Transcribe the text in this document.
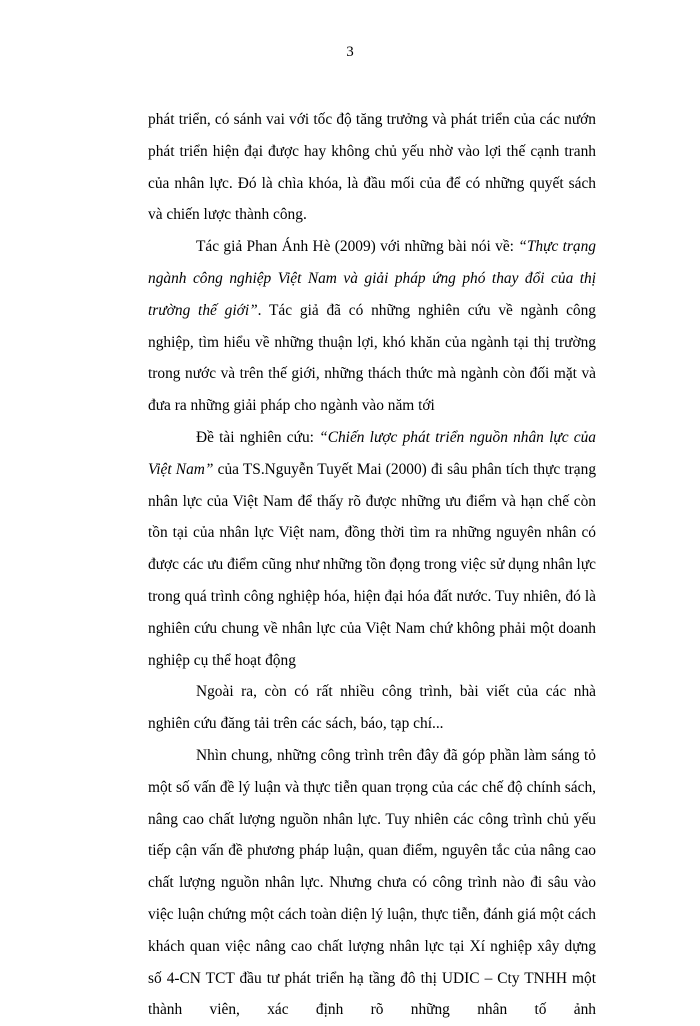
3

phát triển, có sánh vai với tốc độ tăng trưởng và phát triển của các nướn phát triển hiện đại được hay không chủ yếu nhờ vào lợi thế cạnh tranh của nhân lực. Đó là chìa khóa, là đầu mối của để có những quyết sách và chiến lược thành công.

Tác giả Phan Ánh Hè (2009) với những bài nói về: “Thực trạng ngành công nghiệp Việt Nam và giải pháp ứng phó thay đổi của thị trường thế giới”. Tác giả đã có những nghiên cứu về ngành công nghiệp, tìm hiểu về những thuận lợi, khó khăn của ngành tại thị trường trong nước và trên thế giới, những thách thức mà ngành còn đối mặt và đưa ra những giải pháp cho ngành vào năm tới

Đề tài nghiên cứu: “Chiến lược phát triển nguồn nhân lực của Việt Nam” của TS.Nguyễn Tuyết Mai (2000) đi sâu phân tích thực trạng nhân lực của Việt Nam để thấy rõ được những ưu điểm và hạn chế còn tồn tại của nhân lực Việt nam, đồng thời tìm ra những nguyên nhân có được các ưu điểm cũng như những tồn đọng trong việc sử dụng nhân lực trong quá trình công nghiệp hóa, hiện đại hóa đất nước. Tuy nhiên, đó là nghiên cứu chung về nhân lực của Việt Nam chứ không phải một doanh nghiệp cụ thể hoạt động

Ngoài ra, còn có rất nhiều công trình, bài viết của các nhà nghiên cứu đăng tải trên các sách, báo, tạp chí...

Nhìn chung, những công trình trên đây đã góp phần làm sáng tỏ một số vấn đề lý luận và thực tiễn quan trọng của các chế độ chính sách, nâng cao chất lượng nguồn nhân lực. Tuy nhiên các công trình chủ yếu tiếp cận vấn đề phương pháp luận, quan điểm, nguyên tắc của nâng cao chất lượng nguồn nhân lực. Nhưng chưa có công trình nào đi sâu vào việc luận chứng một cách toàn diện lý luận, thực tiễn, đánh giá một cách khách quan việc nâng cao chất lượng nhân lực tại Xí nghiệp xây dựng số 4-CN TCT đầu tư phát triển hạ tầng đô thị UDIC – Cty TNHH một thành viên, xác định rõ những nhân tố ảnh
